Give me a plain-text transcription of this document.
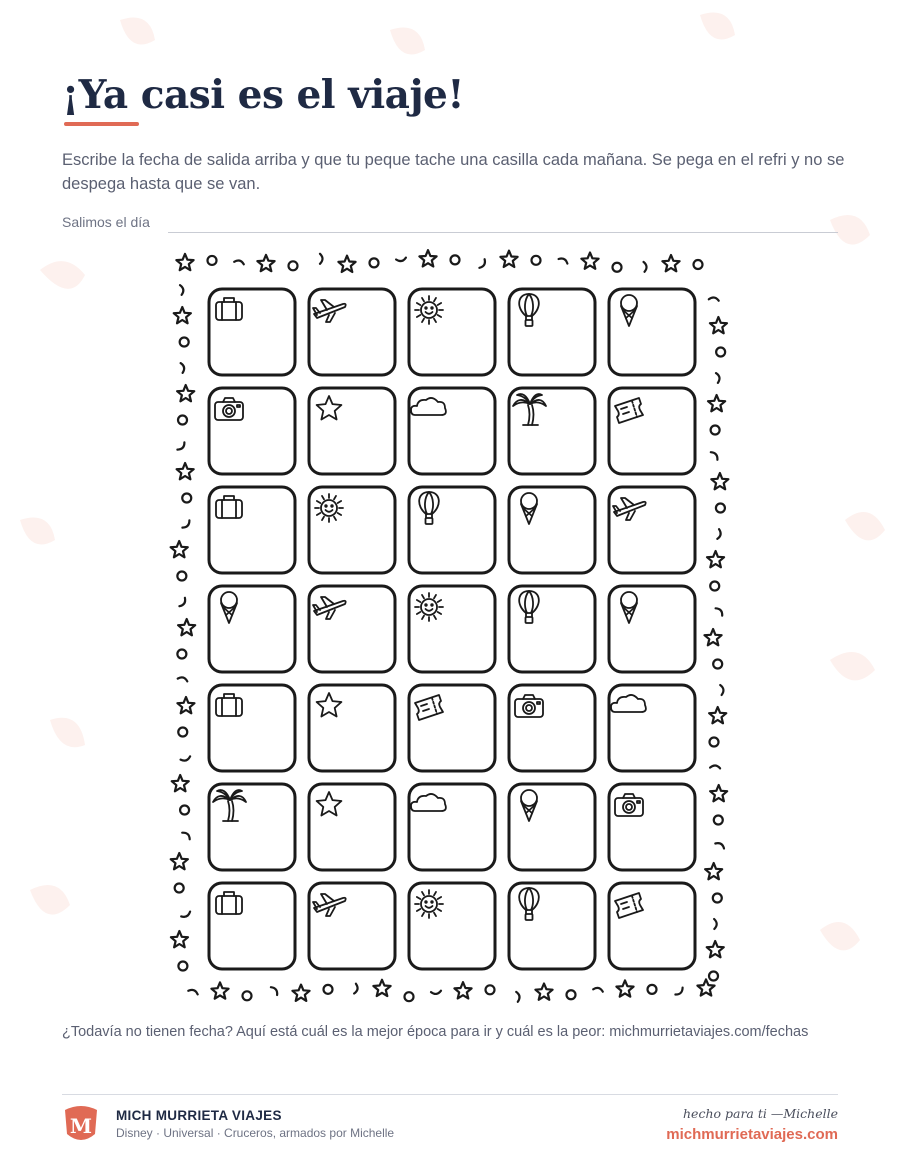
¡Ya casi es el viaje!

Escribe la fecha de salida arriba y que tu peque tache una casilla cada mañana. Se pega en el refri y no se despega hasta que se van.

Salimos el día
¿Todavía no tienen fecha? Aquí está cuál es la mejor época para ir y cuál es la peor: michmurrietaviajes.com/fechas
M MICH MURRIETA VIAJES
Disney · Universal · Cruceros, armados por Michelle
hecho para ti —Michelle
michmurrietaviajes.com
